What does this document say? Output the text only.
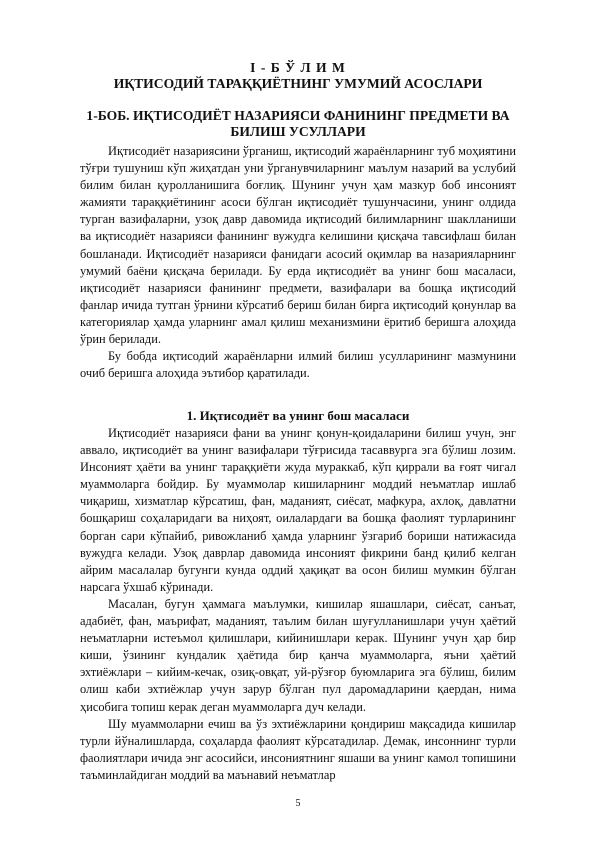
I - Б Ў Л И М
ИҚТИСОДИЙ ТАРАҚҚИЁТНИНГ УМУМИЙ АСОСЛАРИ
1-БОБ. ИҚТИСОДИЁТ НАЗАРИЯСИ ФАНИНИНГ ПРЕДМЕТИ ВА БИЛИШ УСУЛЛАРИ

Иқтисодиёт назариясини ўрганиш, иқтисодий жараёнларнинг туб моҳиятини тўғри тушуниш кўп жиҳатдан уни ўрганувчиларнинг маълум назарий ва услубий билим билан қуролланишига боғлиқ. Шунинг учун ҳам мазкур боб инсоният жамияти тараққиётининг асоси бўлган иқтисодиёт тушунчасини, унинг олдида турган вазифаларни, узоқ давр давомида иқтисодий билимларнинг шаклланиши ва иқтисодиёт назарияси фанининг вужудга келишини қисқача тавсифлаш билан бошланади. Иқтисодиёт назарияси фанидаги асосий оқимлар ва назарияларнинг умумий баёни қисқача берилади. Бу ерда иқтисодиёт ва унинг бош масаласи, иқтисодиёт назарияси фанининг предмети, вазифалари ва бошқа иқтисодий фанлар ичида тутган ўрнини кўрсатиб бериш билан бирга иқтисодий қонунлар ва категориялар ҳамда уларнинг амал қилиш механизмини ёритиб беришга алоҳида ўрин берилади.

Бу бобда иқтисодий жараёнларни илмий билиш усулларининг мазмунини очиб беришга алоҳида эътибор қаратилади.

1. Иқтисодиёт ва унинг бош масаласи

Иқтисодиёт назарияси фани ва унинг қонун-қоидаларини билиш учун, энг аввало, иқтисодиёт ва унинг вазифалари тўғрисида тасаввурга эга бўлиш лозим. Инсоният ҳаёти ва унинг тараққиёти жуда мураккаб, кўп қиррали ва ғоят чигал муаммоларга бойдир. Бу муаммолар кишиларнинг моддий неъматлар ишлаб чиқариш, хизматлар кўрсатиш, фан, маданият, сиёсат, мафкура, ахлоқ, давлатни бошқариш соҳаларидаги ва ниҳоят, оилалардаги ва бошқа фаолият турларининг борган сари кўпайиб, ривожланиб ҳамда уларнинг ўзгариб бориши натижасида вужудга келади. Узоқ даврлар давомида инсоният фикрини банд қилиб келган айрим масалалар бугунги кунда оддий ҳақиқат ва осон билиш мумкин бўлган нарсага ўхшаб кўринади.

Масалан, бугун ҳаммага маълумки, кишилар яшашлари, сиёсат, санъат, адабиёт, фан, маърифат, маданият, таълим билан шуғулланишлари учун ҳаётий неъматларни истеъмол қилишлари, кийинишлари керак. Шунинг учун ҳар бир киши, ўзининг кундалик ҳаётида бир қанча муаммоларга, яъни ҳаётий эхтиёжлари – кийим-кечак, озиқ-овқат, уй-рўзғор буюмларига эга бўлиш, билим олиш каби эхтиёжлар учун зарур бўлган пул даромадларини қаердан, нима ҳисобига топиш керак деган муаммоларга дуч келади.

Шу муаммоларни ечиш ва ўз эхтиёжларини қондириш мақсадида кишилар турли йўналишларда, соҳаларда фаолият кўрсатадилар. Демак, инсоннинг турли фаолиятлари ичида энг асосийси, инсониятнинг яшаши ва унинг камол топишини таъминлайдиган моддий ва маънавий неъматлар

5
